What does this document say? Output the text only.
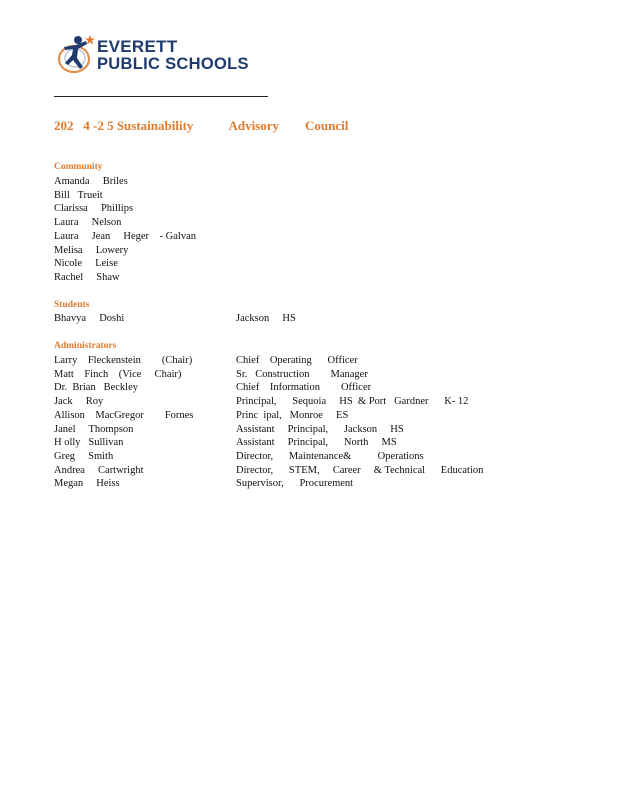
EVERETT
PUBLIC SCHOOLS
202   4 -2 5 Sustainability           Advisory        Council
Community
Amanda     Briles
Bill   Trueit
Clarissa     Phillips
Laura     Nelson
Laura     Jean     Heger    - Galvan
Melisa     Lowery
Nicole     Leise
Rachel     Shaw
Students
Bhavya     Doshi	Jackson     HS
Administrators
Larry    Fleckenstein        (Chair)	Chief    Operating      Officer
Matt    Finch    (Vice     Chair)	Sr.   Construction        Manager
Dr.  Brian   Beckley	Chief    Information        Officer
Jack     Roy	Principal,      Sequoia     HS  & Port   Gardner      K- 12
Allison    MacGregor        Fornes	Princ  ipal,   Monroe     ES
Janel     Thompson	Assistant     Principal,      Jackson     HS
H olly   Sullivan	Assistant     Principal,      North     MS
Greg     Smith	Director,      Maintenance&          Operations
Andrea     Cartwright	Director,      STEM,     Career     & Technical      Education
Megan     Heiss	Supervisor,      Procurement
